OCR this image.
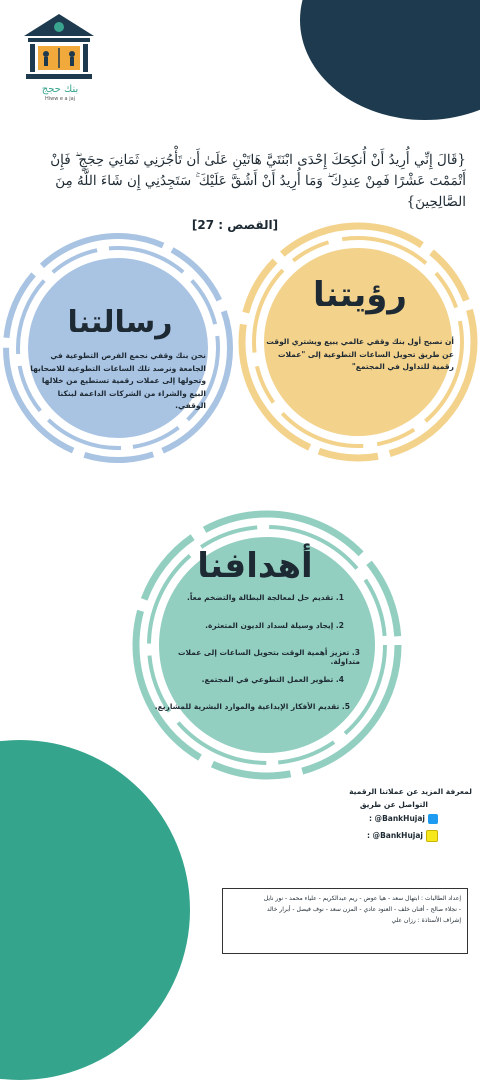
بنك حجج
Hiww e a jaj
{قَالَ إِنِّي أُرِيدُ أَنْ أُنكِحَكَ إِحْدَى ابْنَتَيَّ هَاتَيْنِ عَلَىٰ أَن تَأْجُرَنِي ثَمَانِيَ حِجَجٍ ۖ فَإِنْ أَتْمَمْتَ عَشْرًا فَمِنْ عِندِكَ ۖ وَمَا أُرِيدُ أَنْ أَشُقَّ عَلَيْكَ ۚ سَتَجِدُنِي إِن شَاءَ اللَّهُ مِنَ الصَّالِحِينَ}
[القصص : 27]
رؤيتنا
أن نصبح أول بنك وقفي عالمي يبيع ويشتري الوقت عن طريق تحويل الساعات التطوعية إلى "عملات رقمية للتداول في المجتمع"
رسالتنا
نحن بنك وقفي نجمع الفرص التطوعية في الجامعة ونرصد تلك الساعات التطوعية للاصحابها وتحولها إلى عملات رقمية تستطيع من خلالها البيع والشراء من الشركات الداعمة لبنكنا الوقفي.
أهدافنا
1. تقديم حل لمعالجة البطالة والتضخم معاً.
2. إيجاد وسيلة لسداد الديون المتعثرة.
3. تعزيز أهمية الوقت بتحويل الساعات إلى عملات متداولة.
4. تطوير العمل التطوعي في المجتمع.
5. تقديم الأفكار الإبداعية والموارد البشرية للمشاريع.
لمعرفة المزيد عن عملاتنا الرقمية
التواصل عن طريق
BankHujaj@ :
BankHujaj@ :
إعداد الطالبات : ابتهال سعد - هيا عوض - ريم عبدالكريم - علياء محمد - نور نايل
- نجلاء صالح - أفنان خلف - العنود عادي - المزن سعد - نوف فيصل - أبرار خالد
إشراف الأستاذة : رزان علي
